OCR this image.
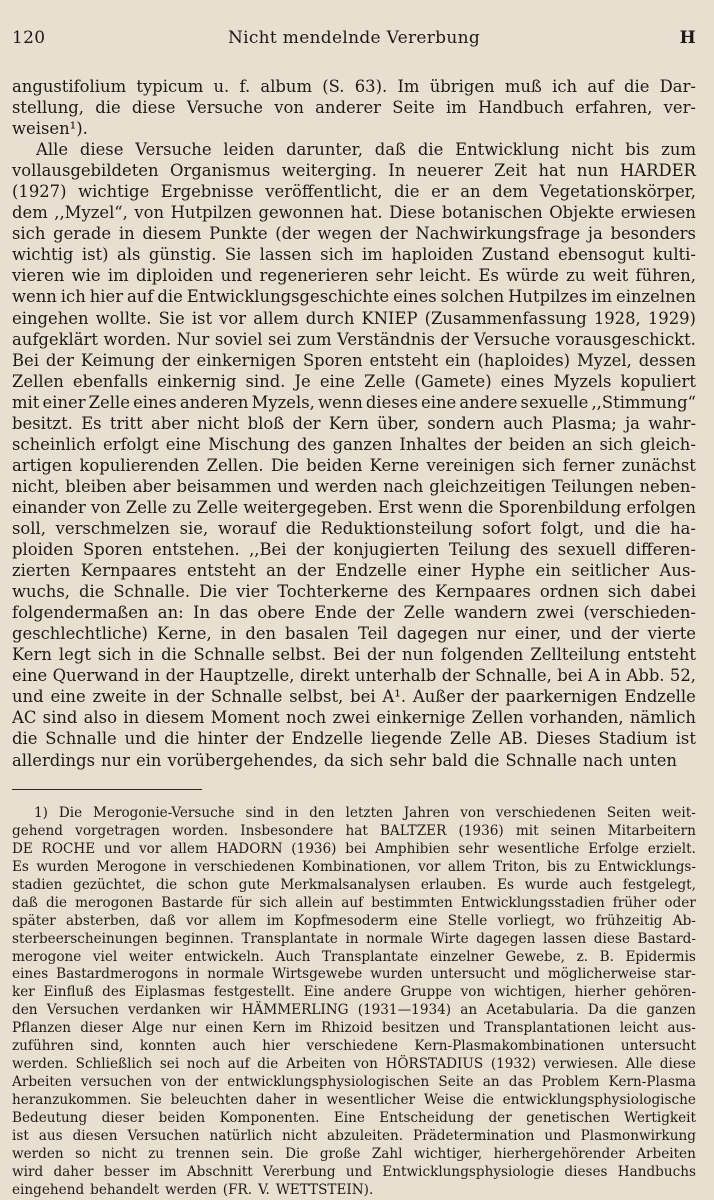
120	Nicht mendelnde Vererbung	H
angustifolium typicum u. f. album (S. 63). Im übrigen muß ich auf die Dar-
stellung, die diese Versuche von anderer Seite im Handbuch erfahren, ver-
weisen¹).
Alle diese Versuche leiden darunter, daß die Entwicklung nicht bis zum
vollausgebildeten Organismus weiterging. In neuerer Zeit hat nun HARDER
(1927) wichtige Ergebnisse veröffentlicht, die er an dem Vegetationskörper,
dem ,,Myzel“, von Hutpilzen gewonnen hat. Diese botanischen Objekte erwiesen
sich gerade in diesem Punkte (der wegen der Nachwirkungsfrage ja besonders
wichtig ist) als günstig. Sie lassen sich im haploiden Zustand ebensogut kulti-
vieren wie im diploiden und regenerieren sehr leicht. Es würde zu weit führen,
wenn ich hier auf die Entwicklungsgeschichte eines solchen Hutpilzes im einzelnen
eingehen wollte. Sie ist vor allem durch KNIEP (Zusammenfassung 1928, 1929)
aufgeklärt worden. Nur soviel sei zum Verständnis der Versuche vorausgeschickt.
Bei der Keimung der einkernigen Sporen entsteht ein (haploides) Myzel, dessen
Zellen ebenfalls einkernig sind. Je eine Zelle (Gamete) eines Myzels kopuliert
mit einer Zelle eines anderen Myzels, wenn dieses eine andere sexuelle ,,Stimmung“
besitzt. Es tritt aber nicht bloß der Kern über, sondern auch Plasma; ja wahr-
scheinlich erfolgt eine Mischung des ganzen Inhaltes der beiden an sich gleich-
artigen kopulierenden Zellen. Die beiden Kerne vereinigen sich ferner zunächst
nicht, bleiben aber beisammen und werden nach gleichzeitigen Teilungen neben-
einander von Zelle zu Zelle weitergegeben. Erst wenn die Sporenbildung erfolgen
soll, verschmelzen sie, worauf die Reduktionsteilung sofort folgt, und die ha-
ploiden Sporen entstehen. ,,Bei der konjugierten Teilung des sexuell differen-
zierten Kernpaares entsteht an der Endzelle einer Hyphe ein seitlicher Aus-
wuchs, die Schnalle. Die vier Tochterkerne des Kernpaares ordnen sich dabei
folgendermaßen an: In das obere Ende der Zelle wandern zwei (verschieden-
geschlechtliche) Kerne, in den basalen Teil dagegen nur einer, und der vierte
Kern legt sich in die Schnalle selbst. Bei der nun folgenden Zellteilung entsteht
eine Querwand in der Hauptzelle, direkt unterhalb der Schnalle, bei A in Abb. 52,
und eine zweite in der Schnalle selbst, bei A¹. Außer der paarkernigen Endzelle
AC sind also in diesem Moment noch zwei einkernige Zellen vorhanden, nämlich
die Schnalle und die hinter der Endzelle liegende Zelle AB. Dieses Stadium ist
allerdings nur ein vorübergehendes, da sich sehr bald die Schnalle nach unten
1) Die Merogonie-Versuche sind in den letzten Jahren von verschiedenen Seiten weit-
gehend vorgetragen worden. Insbesondere hat BALTZER (1936) mit seinen Mitarbeitern
DE ROCHE und vor allem HADORN (1936) bei Amphibien sehr wesentliche Erfolge erzielt.
Es wurden Merogone in verschiedenen Kombinationen, vor allem Triton, bis zu Entwicklungs-
stadien gezüchtet, die schon gute Merkmalsanalysen erlauben. Es wurde auch festgelegt,
daß die merogonen Bastarde für sich allein auf bestimmten Entwicklungsstadien früher oder
später absterben, daß vor allem im Kopfmesoderm eine Stelle vorliegt, wo frühzeitig Ab-
sterbeerscheinungen beginnen. Transplantate in normale Wirte dagegen lassen diese Bastard-
merogone viel weiter entwickeln. Auch Transplantate einzelner Gewebe, z. B. Epidermis
eines Bastardmerogons in normale Wirtsgewebe wurden untersucht und möglicherweise star-
ker Einfluß des Eiplasmas festgestellt. Eine andere Gruppe von wichtigen, hierher gehören-
den Versuchen verdanken wir HÄMMERLING (1931—1934) an Acetabularia. Da die ganzen
Pflanzen dieser Alge nur einen Kern im Rhizoid besitzen und Transplantationen leicht aus-
zuführen sind, konnten auch hier verschiedene Kern-Plasmakombinationen untersucht
werden. Schließlich sei noch auf die Arbeiten von HÖRSTADIUS (1932) verwiesen. Alle diese
Arbeiten versuchen von der entwicklungsphysiologischen Seite an das Problem Kern-Plasma
heranzukommen. Sie beleuchten daher in wesentlicher Weise die entwicklungsphysiologische
Bedeutung dieser beiden Komponenten. Eine Entscheidung der genetischen Wertigkeit
ist aus diesen Versuchen natürlich nicht abzuleiten. Prädetermination und Plasmonwirkung
werden so nicht zu trennen sein. Die große Zahl wichtiger, hierhergehörender Arbeiten
wird daher besser im Abschnitt Vererbung und Entwicklungsphysiologie dieses Handbuchs
eingehend behandelt werden (FR. V. WETTSTEIN).
